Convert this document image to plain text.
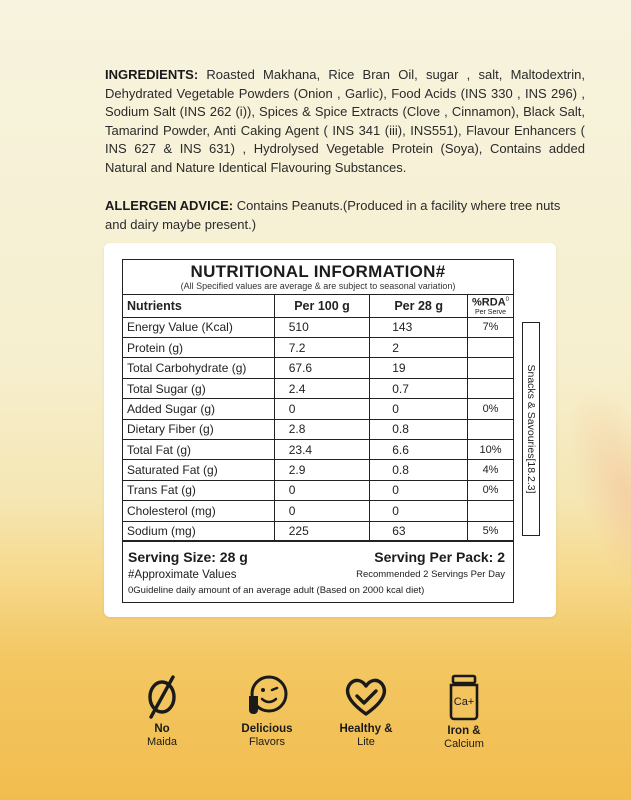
INGREDIENTS: Roasted Makhana, Rice Bran Oil, sugar , salt, Maltodextrin, Dehydrated Vegetable Powders (Onion , Garlic), Food Acids (INS 330 , INS 296) , Sodium Salt (INS 262 (i)), Spices & Spice Extracts (Clove , Cinnamon), Black Salt, Tamarind Powder, Anti Caking Agent ( INS 341 (iii), INS551), Flavour Enhancers ( INS 627 & INS 631) , Hydrolysed Vegetable Protein (Soya), Contains added Natural and Nature Identical Flavouring Substances.
ALLERGEN ADVICE: Contains Peanuts.(Produced in a facility where tree nuts and dairy maybe present.)
NUTRITIONAL INFORMATION#
(All Specified values are average & are subject to seasonal variation)
Nutrients	Per 100 g	Per 28 g	%RDA$^0$
Per Serve

Energy Value (Kcal)	510	143	7%
Protein (g)	7.2	2	
Total Carbohydrate (g)	67.6	19	
Total Sugar (g)	2.4	0.7	
Added Sugar (g)	0	0	0%
Dietary Fiber (g)	2.8	0.8	
Total Fat (g)	23.4	6.6	10%
Saturated Fat (g)	2.9	0.8	4%
Trans Fat (g)	0	0	0%
Cholesterol (mg)	0	0	
Sodium (mg)	225	63	5%
Snacks & Savouries[18.2.3]
Serving Size: 28 g	Serving Per Pack: 2
#Approximate Values	Recommended 2 Servings Per Day
0Guideline daily amount of an average adult (Based on 2000 kcal diet)
No
Maida
Delicious
Flavors
Healthy &
Lite
Ca+
Iron &
Calcium
